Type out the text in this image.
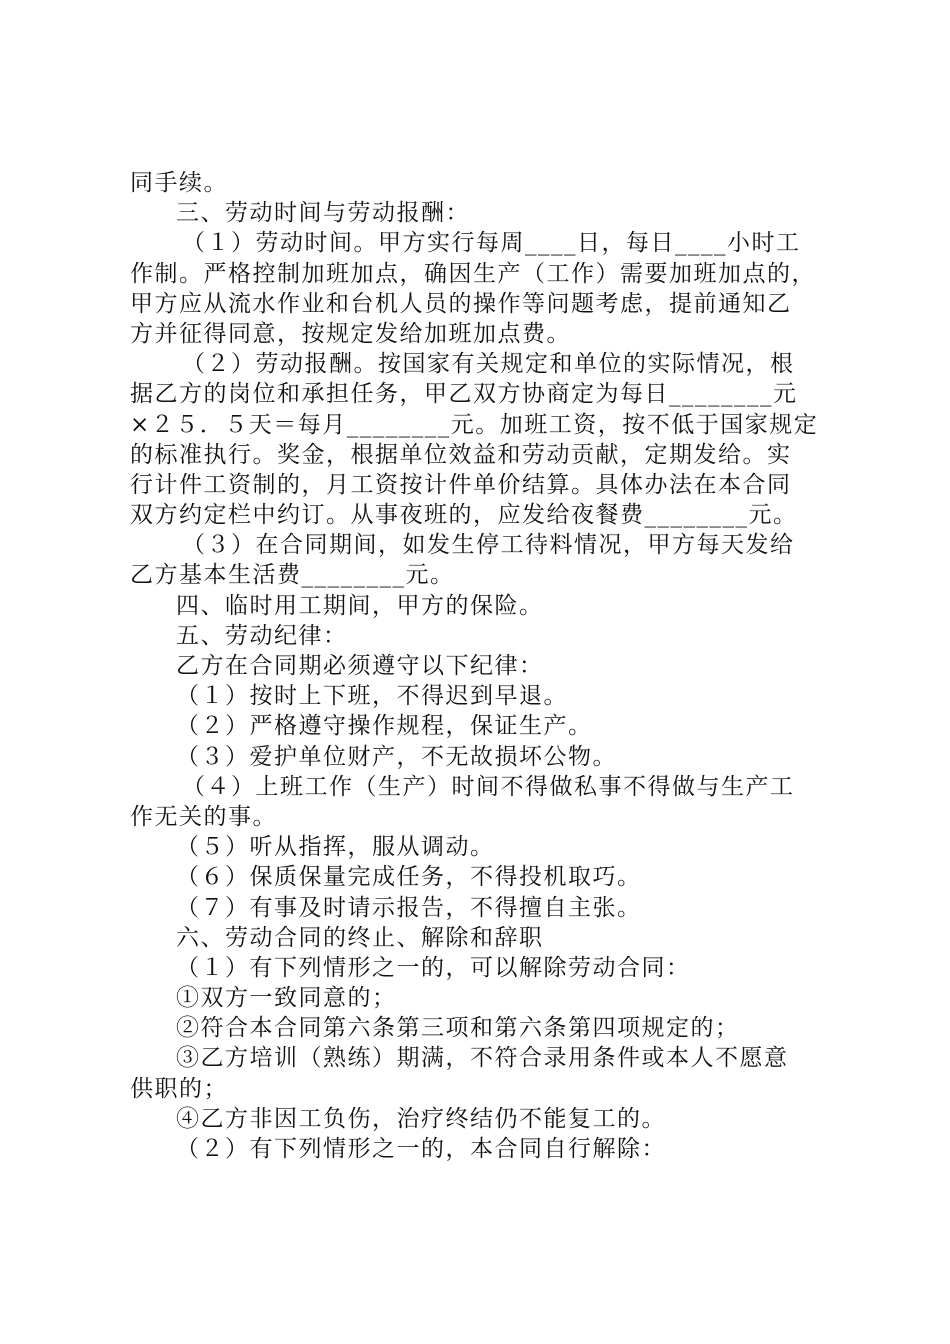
同手续。
三、劳动时间与劳动报酬：
（１）劳动时间。甲方实行每周____日，每日____小时工
作制。严格控制加班加点，确因生产（工作）需要加班加点的，
甲方应从流水作业和台机人员的操作等问题考虑，提前通知乙
方并征得同意，按规定发给加班加点费。
（２）劳动报酬。按国家有关规定和单位的实际情况，根
据乙方的岗位和承担任务，甲乙双方协商定为每日________元
×２５．５天＝每月________元。加班工资，按不低于国家规定
的标准执行。奖金，根据单位效益和劳动贡献，定期发给。实
行计件工资制的，月工资按计件单价结算。具体办法在本合同
双方约定栏中约订。从事夜班的，应发给夜餐费________元。
（３）在合同期间，如发生停工待料情况，甲方每天发给
乙方基本生活费________元。
四、临时用工期间，甲方的保险。
五、劳动纪律：
乙方在合同期必须遵守以下纪律：
（１）按时上下班，不得迟到早退。
（２）严格遵守操作规程，保证生产。
（３）爱护单位财产，不无故损坏公物。
（４）上班工作（生产）时间不得做私事不得做与生产工
作无关的事。
（５）听从指挥，服从调动。
（６）保质保量完成任务，不得投机取巧。
（７）有事及时请示报告，不得擅自主张。
六、劳动合同的终止、解除和辞职
（１）有下列情形之一的，可以解除劳动合同：
①双方一致同意的；
②符合本合同第六条第三项和第六条第四项规定的；
③乙方培训（熟练）期满，不符合录用条件或本人不愿意
供职的；
④乙方非因工负伤，治疗终结仍不能复工的。
（２）有下列情形之一的，本合同自行解除：
